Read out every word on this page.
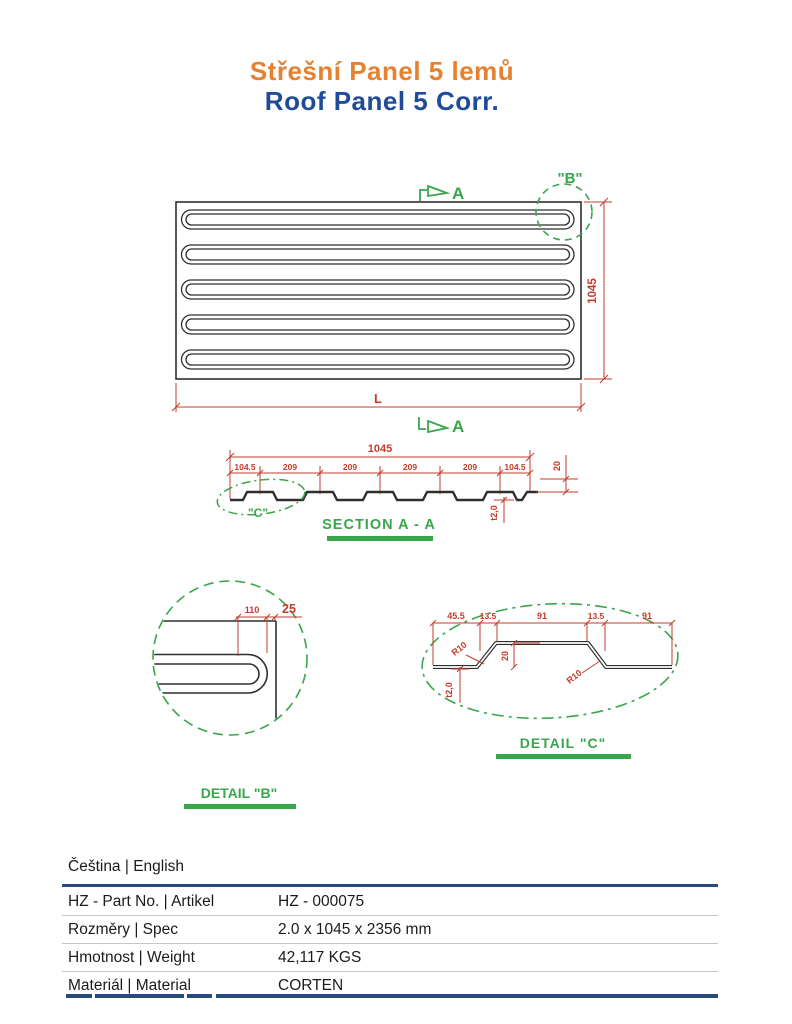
Střešní Panel 5 lemů
Roof Panel 5 Corr.
"B"
A
A
1045
L
1045
104.5	209	209	209	209	104.5	20
t2,0
"C"
SECTION A - A
110 25
DETAIL "B"
45.5 13.5	91	13.5	91
20
R10
R10
t2,0
DETAIL "C"
Čeština | English
HZ - Part No. | Artikel	HZ - 000075
Rozměry | Spec	2.0 x 1045 x 2356 mm
Hmotnost | Weight	42,117 KGS
Materiál | Material	CORTEN
